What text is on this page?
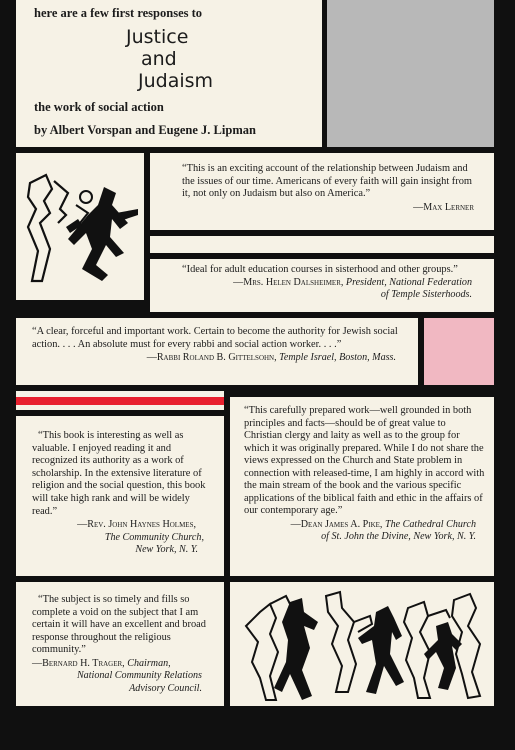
here are a few first responses to
Justice
and
Judaism
the work of social action
by Albert Vorspan and Eugene J. Lipman

“This is an exciting account of the relationship between Judaism and the issues of our time. Americans of every faith will gain insight from it, not only on Judaism but also on America.”

—Max Lerner

“Ideal for adult education courses in sisterhood and other groups.”

—Mrs. Helen Dalsheimer, President, National Federation

of Temple Sisterhoods.

“A clear, forceful and important work. Certain to become the authority for Jewish social action. . . . An absolute must for every rabbi and social action worker. . . .”

—Rabbi Roland B. Gittelsohn, Temple Israel, Boston, Mass.

“This book is interesting as well as valuable. I enjoyed reading it and recognized its authority as a work of scholarship. In the extensive literature of religion and the social question, this book will take high rank and will be widely read.”

—Rev. John Haynes Holmes,

The Community Church,

New York, N. Y.

“This carefully prepared work—well grounded in both principles and facts—should be of great value to Christian clergy and laity as well as to the group for which it was originally prepared. While I do not share the views expressed on the Church and State problem in connection with released-time, I am highly in accord with the main stream of the book and the various specific applications of the biblical faith and ethic in the affairs of our contemporary age.”

—Dean James A. Pike, The Cathedral Church

of St. John the Divine, New York, N. Y.

“The subject is so timely and fills so complete a void on the subject that I am certain it will have an excellent and broad response throughout the religious community.”

—Bernard H. Trager, Chairman,

National Community Relations

Advisory Council.
